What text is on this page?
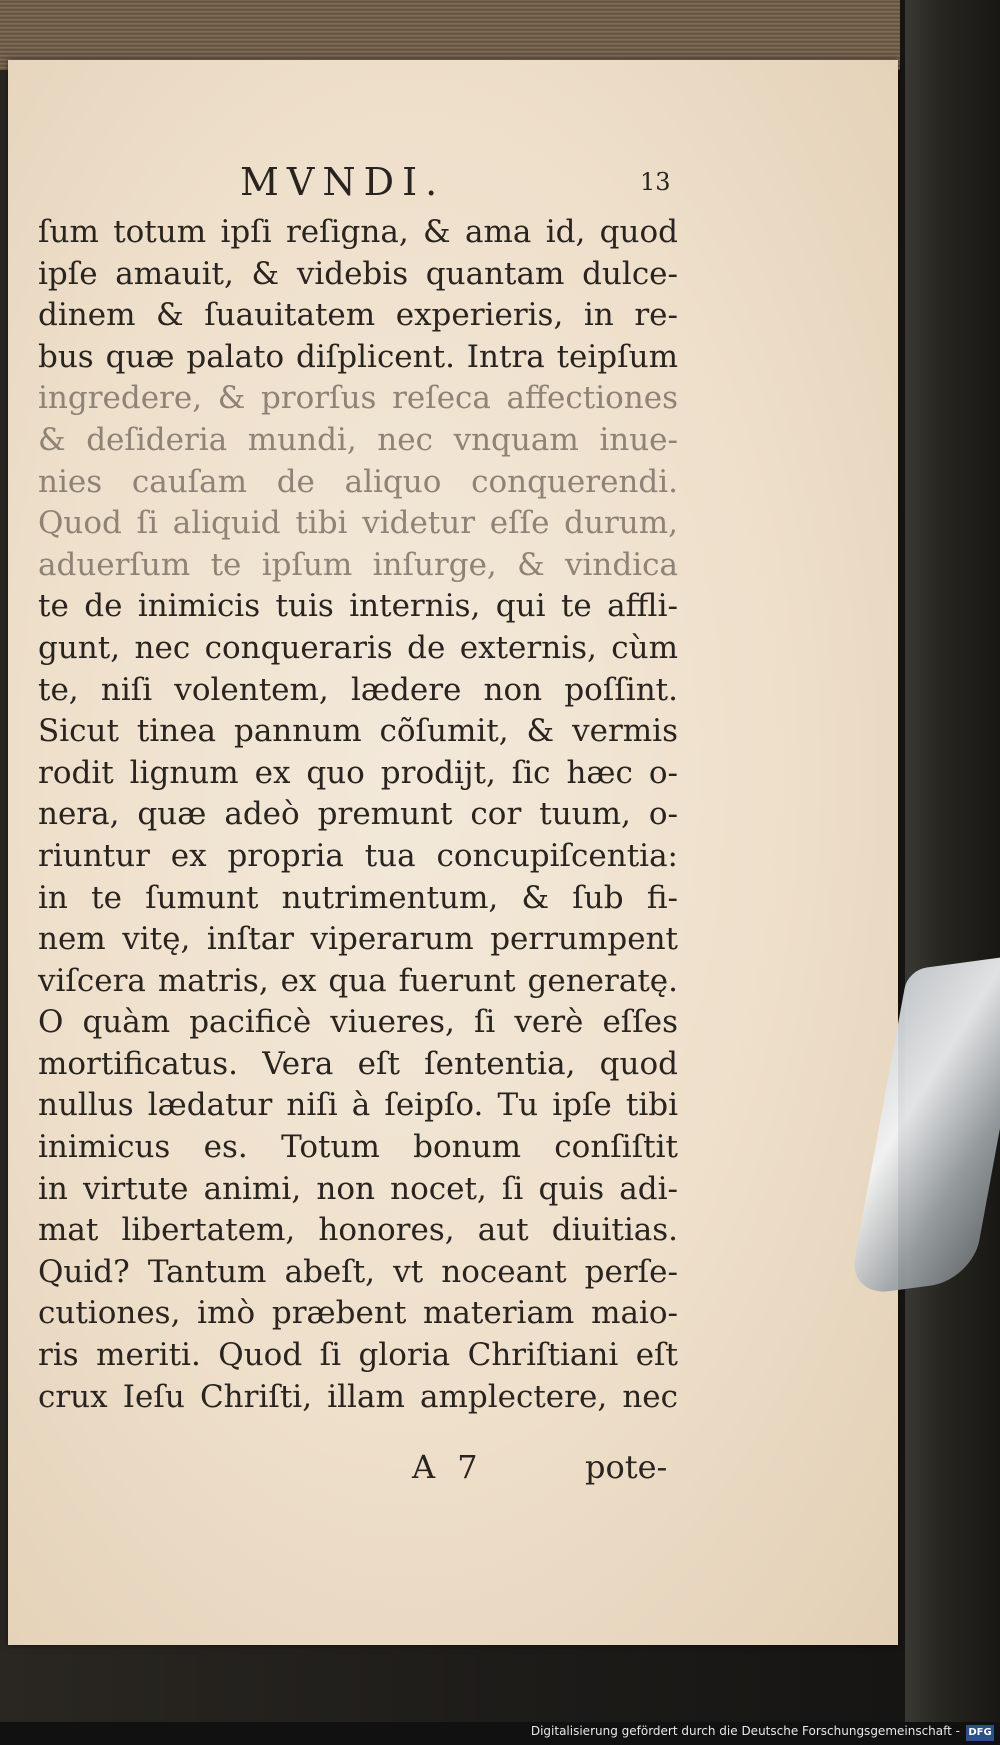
MVNDI.	13
ſum totum ipſi reſigna, & ama id, quod
ipſe amauit, & videbis quantam dulce-
dinem & ſuauitatem experieris, in re-
bus quæ palato diſplicent. Intra teipſum
ingredere, & prorſus reſeca affectiones
& deſideria mundi, nec vnquam inue-
nies cauſam de aliquo conquerendi.
Quod ſi aliquid tibi videtur eſſe durum,
aduerſum te ipſum inſurge, & vindica
te de inimicis tuis internis, qui te affli-
gunt, nec conqueraris de externis, cùm
te, niſi volentem, lædere non poſſint.
Sicut tinea pannum cõſumit, & vermis
rodit lignum ex quo prodijt, ſic hæc o-
nera, quæ adeò premunt cor tuum, o-
riuntur ex propria tua concupiſcentia:
in te ſumunt nutrimentum, & ſub fi-
nem vitę, inſtar viperarum perrumpent
viſcera matris, ex qua fuerunt generatę.
O quàm pacificè viueres, ſi verè eſſes
mortificatus. Vera eſt ſententia, quod
nullus lædatur niſi à ſeipſo. Tu ipſe tibi
inimicus es. Totum bonum conſiſtit
in virtute animi, non nocet, ſi quis adi-
mat libertatem, honores, aut diuitias.
Quid? Tantum abeſt, vt noceant perſe-
cutiones, imò præbent materiam maio-
ris meriti. Quod ſi gloria Chriſtiani eſt
crux Ieſu Chriſti, illam amplectere, nec
A 7	pote-
Digitalisierung gefördert durch die Deutsche Forschungsgemeinschaft - DFG
